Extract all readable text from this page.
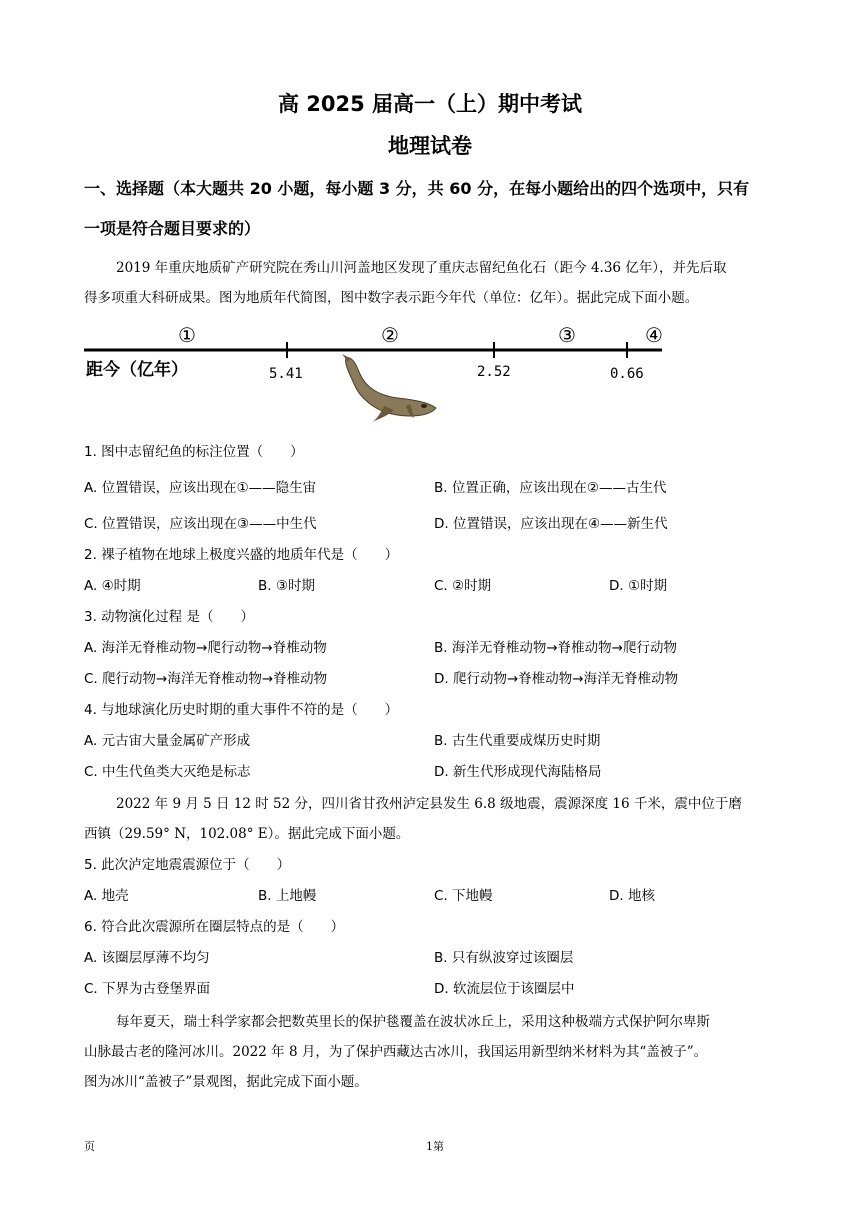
高 2025 届高一（上）期中考试
地理试卷
一、选择题（本大题共 20 小题，每小题 3 分，共 60 分，在每小题给出的四个选项中，只有
一项是符合题目要求的）
2019 年重庆地质矿产研究院在秀山川河盖地区发现了重庆志留纪鱼化石（距今 4.36 亿年），并先后取
得多项重大科研成果。图为地质年代简图，图中数字表示距今年代（单位：亿年）。据此完成下面小题。
距今（亿年）	5.41	2.52	0.66
①	②	③	④
1. 图中志留纪鱼的标注位置（　　）
A. 位置错误，应该出现在①——隐生宙	B. 位置正确，应该出现在②——古生代
C. 位置错误，应该出现在③——中生代	D. 位置错误，应该出现在④——新生代
2. 裸子植物在地球上极度兴盛的地质年代是（　　）
A. ④时期	B. ③时期	C. ②时期	D. ①时期
3. 动物演化过程 是（　　）
A. 海洋无脊椎动物→爬行动物→脊椎动物	B. 海洋无脊椎动物→脊椎动物→爬行动物
C. 爬行动物→海洋无脊椎动物→脊椎动物	D. 爬行动物→脊椎动物→海洋无脊椎动物
4. 与地球演化历史时期的重大事件不符的是（　　）
A. 元古宙大量金属矿产形成	B. 古生代重要成煤历史时期
C. 中生代鱼类大灭绝是标志	D. 新生代形成现代海陆格局
2022 年 9 月 5 日 12 时 52 分，四川省甘孜州泸定县发生 6.8 级地震，震源深度 16 千米，震中位于磨
西镇（29.59° N，102.08° E）。据此完成下面小题。
5. 此次泸定地震震源位于（　　）
A. 地壳	B. 上地幔	C. 下地幔	D. 地核
6. 符合此次震源所在圈层特点的是（　　）
A. 该圈层厚薄不均匀	B. 只有纵波穿过该圈层
C. 下界为古登堡界面	D. 软流层位于该圈层中
每年夏天，瑞士科学家都会把数英里长的保护毯覆盖在波状冰丘上，采用这种极端方式保护阿尔卑斯
山脉最古老的隆河冰川。2022 年 8 月，为了保护西藏达古冰川，我国运用新型纳米材料为其“盖被子”。
图为冰川“盖被子”景观图，据此完成下面小题。
页	1第
